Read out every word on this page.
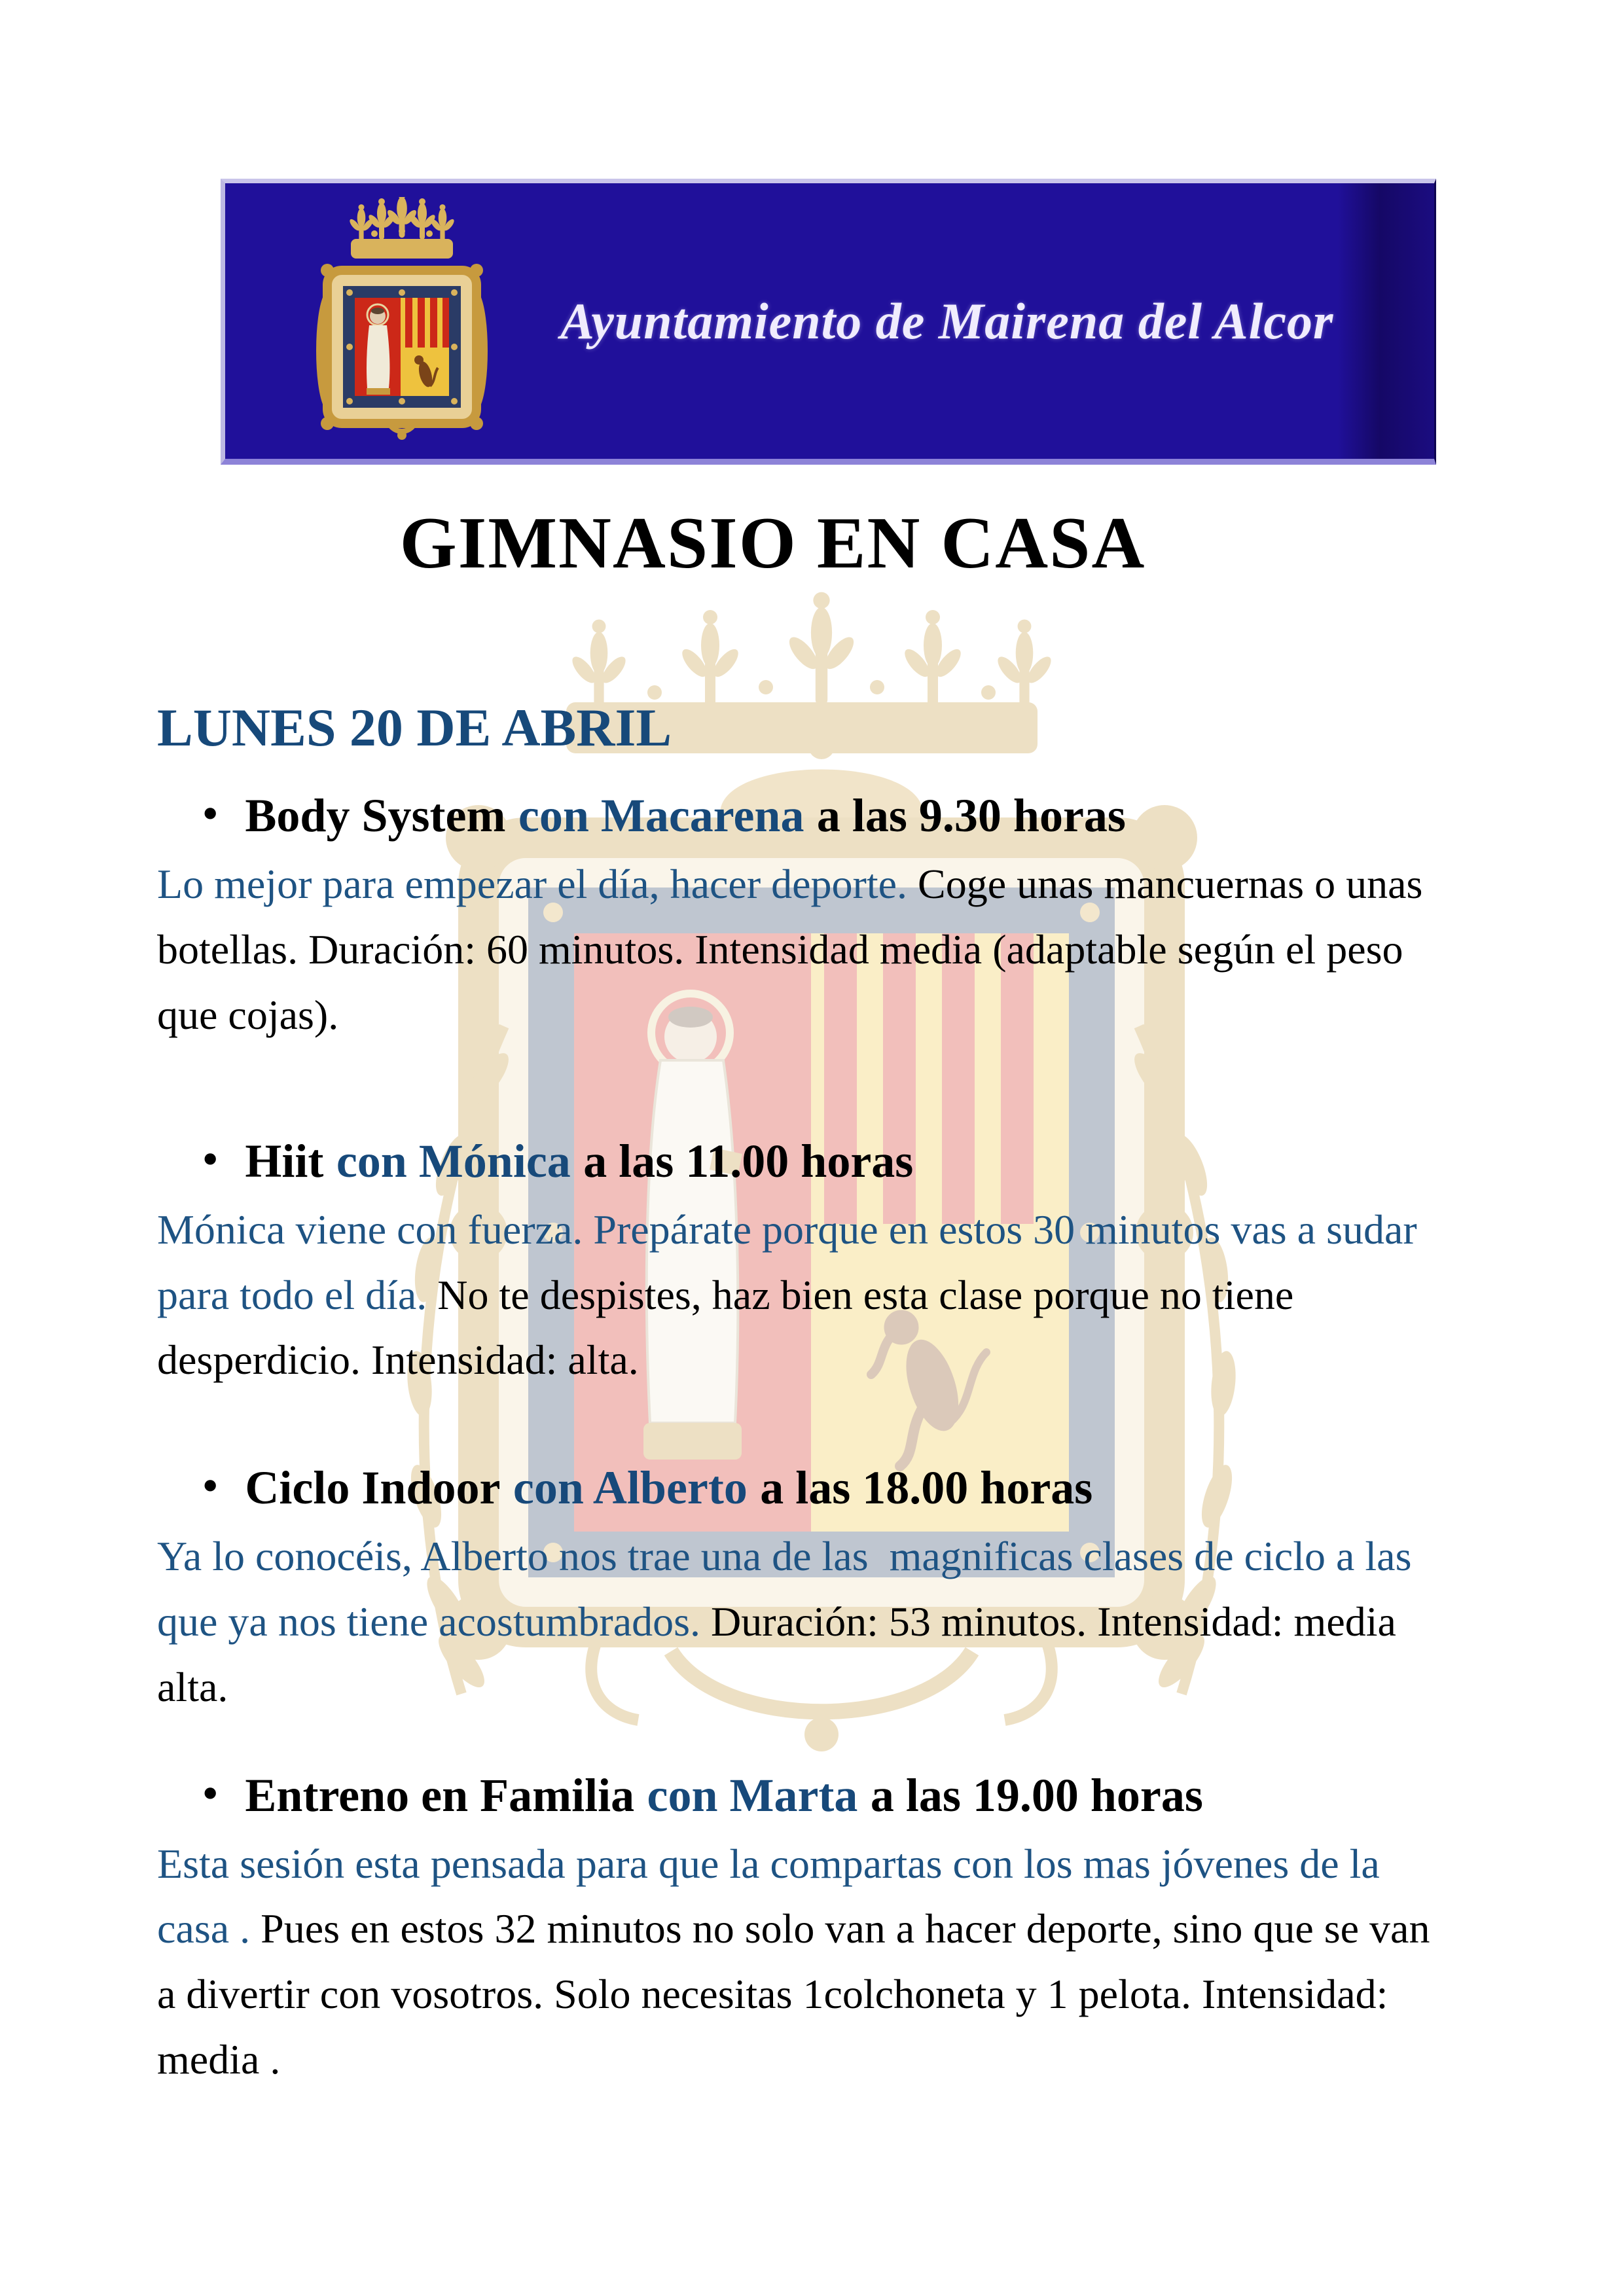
Ayuntamiento de Mairena del Alcor
GIMNASIO EN CASA
LUNES 20 DE ABRIL
• Body System con Macarena a las 9.30 horas

Lo mejor para empezar el día, hacer deporte. Coge unas mancuernas o unas botellas. Duración: 60 minutos. Intensidad media (adaptable según el peso que cojas).

• Hiit con Mónica a las 11.00 horas

Mónica viene con fuerza. Prepárate porque en estos 30 minutos vas a sudar para todo el día. No te despistes, haz bien esta clase porque no tiene desperdicio. Intensidad: alta.

• Ciclo Indoor con Alberto a las 18.00 horas

Ya lo conocéis, Alberto nos trae una de las  magnificas clases de ciclo a las que ya nos tiene acostumbrados. Duración: 53 minutos. Intensidad: media alta.

• Entreno en Familia con Marta a las 19.00 horas

Esta sesión esta pensada para que la compartas con los mas jóvenes de la casa . Pues en estos 32 minutos no solo van a hacer deporte, sino que se van a divertir con vosotros. Solo necesitas 1colchoneta y 1 pelota. Intensidad: media .
